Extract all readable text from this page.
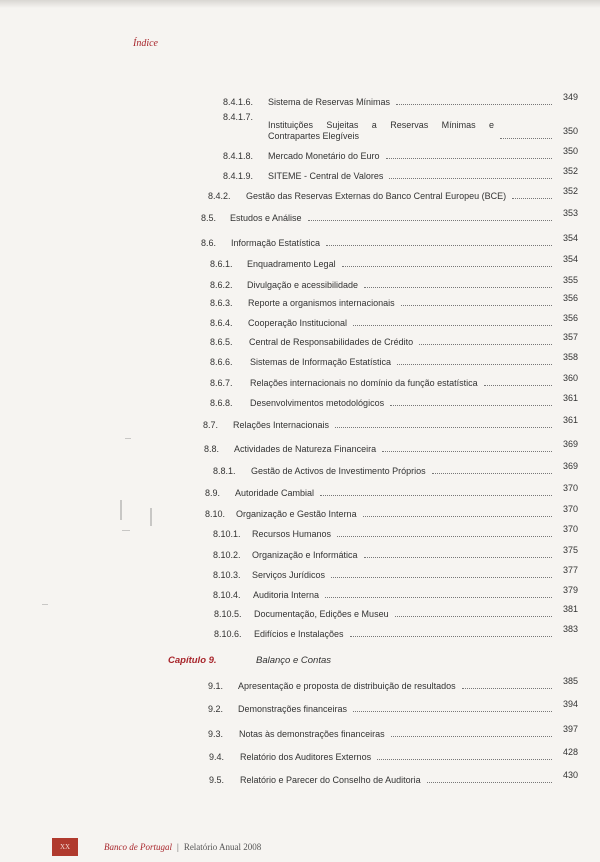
Índice
8.4.1.6.	Sistema de Reservas Mínimas	349
8.4.1.7.
Instituições Sujeitas a Reservas Mínimas e Contrapartes Elegíveis	350
8.4.1.8.	Mercado Monetário do Euro	350
8.4.1.9.	SITEME - Central de Valores	352
8.4.2.	Gestão das Reservas Externas do Banco Central Europeu (BCE)	352
8.5.	Estudos e Análise	353
8.6.	Informação Estatística	354
8.6.1.	Enquadramento Legal	354
8.6.2.	Divulgação e acessibilidade	355
8.6.3.	Reporte a organismos internacionais	356
8.6.4.	Cooperação Institucional	356
8.6.5.	Central de Responsabilidades de Crédito	357
8.6.6.	Sistemas de Informação Estatística	358
8.6.7.	Relações internacionais no domínio da função estatística	360
8.6.8.	Desenvolvimentos metodológicos	361
8.7.	Relações Internacionais	361
8.8.	Actividades de Natureza Financeira	369
8.8.1.	Gestão de Activos de Investimento Próprios	369
8.9.	Autoridade Cambial	370
8.10.	Organização e Gestão Interna	370
8.10.1.	Recursos Humanos	370
8.10.2.	Organização e Informática	375
8.10.3.	Serviços Jurídicos	377
8.10.4.	Auditoria Interna	379
8.10.5.	Documentação, Edições e Museu	381
8.10.6.	Edifícios e Instalações	383
Capítulo 9.	Balanço e Contas
9.1.	Apresentação e proposta de distribuição de resultados	385
9.2.	Demonstrações financeiras	394
9.3.	Notas às demonstrações financeiras	397
9.4.	Relatório dos Auditores Externos	428
9.5.	Relatório e Parecer do Conselho de Auditoria	430
XX	Banco de Portugal | Relatório Anual 2008
